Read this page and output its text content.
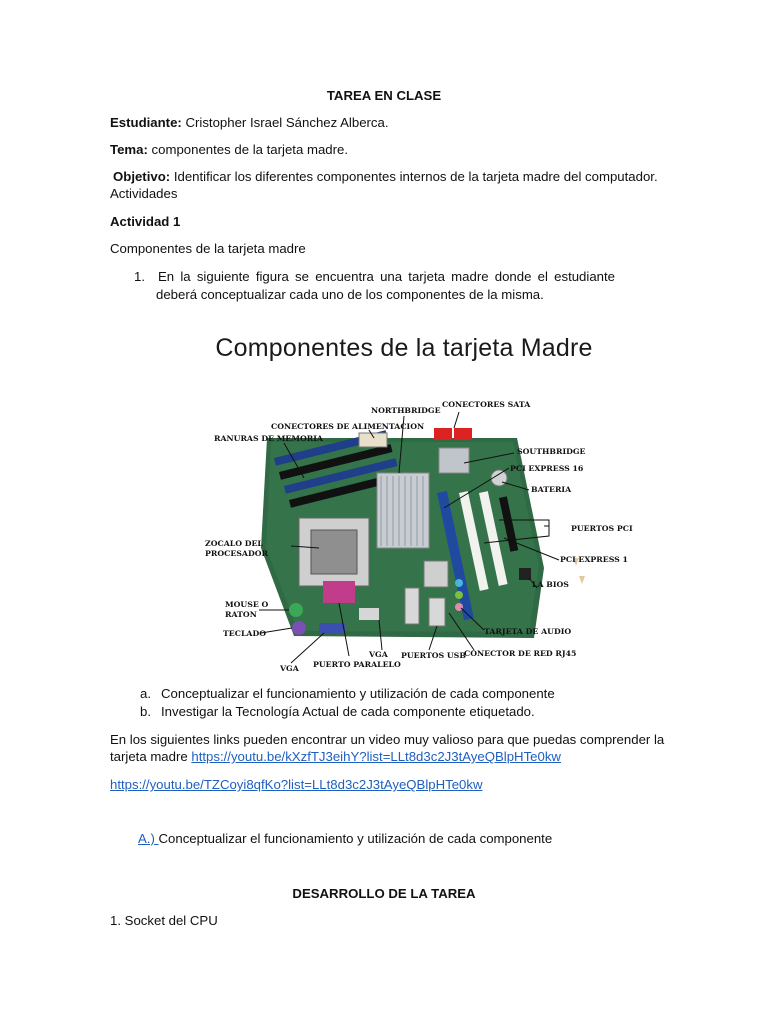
TAREA EN CLASE
Estudiante: Cristopher Israel Sánchez Alberca.
Tema: componentes de la tarjeta madre.
Objetivo: Identificar los diferentes componentes internos de la tarjeta madre del computador.
Actividades
Actividad 1
Componentes de la tarjeta madre
1. En la siguiente figura se encuentra una tarjeta madre donde el estudiante
deberá conceptualizar cada uno de los componentes de la misma.
Componentes de la tarjeta Madre
NORTHBRIDGE
CONECTORES SATA
CONECTORES DE ALIMENTACION
RANURAS DE MEMORIA
SOUTHBRIDGE
PCI EXPRESS 16
BATERIA
PUERTOS PCI
ZOCALO DEL
PROCESADOR
PCI EXPRESS 1
MOUSE O
RATON
LA BIOS
TECLADO	TARJETA DE AUDIO
VGA PUERTOS USB
CONECTOR DE RED RJ45
VGA PUERTO PARALELO
a. Conceptualizar el funcionamiento y utilización de cada componente
b. Investigar la Tecnología Actual de cada componente etiquetado.
En los siguientes links pueden encontrar un video muy valioso para que puedas comprender la
tarjeta madre https://youtu.be/kXzfTJ3eihY?list=LLt8d3c2J3tAyeQBlpHTe0kw
https://youtu.be/TZCoyi8qfKo?list=LLt8d3c2J3tAyeQBlpHTe0kw
A.) Conceptualizar el funcionamiento y utilización de cada componente
DESARROLLO DE LA TAREA
1. Socket del CPU
